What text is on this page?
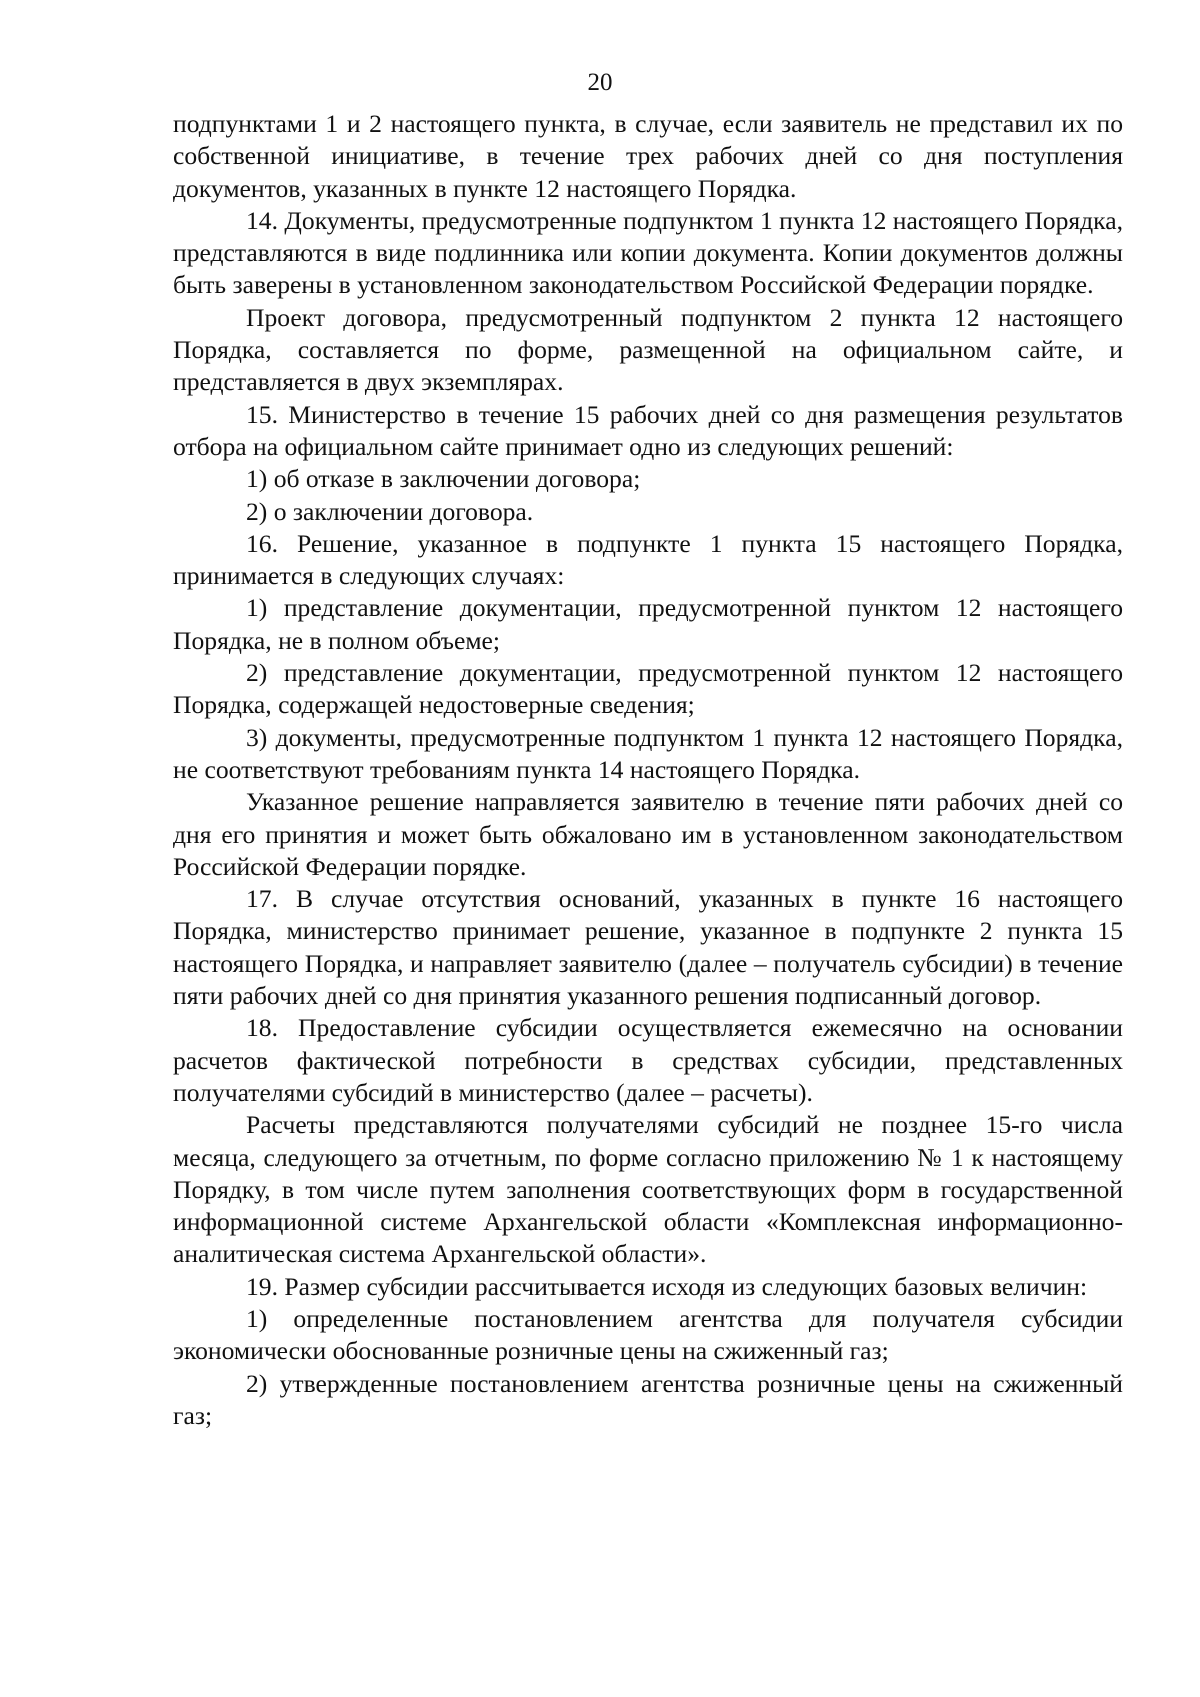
20

подпунктами 1 и 2 настоящего пункта, в случае, если заявитель не представил их по собственной инициативе, в течение трех рабочих дней со дня поступления документов, указанных в пункте 12 настоящего Порядка.

14. Документы, предусмотренные подпунктом 1 пункта 12 настоящего Порядка, представляются в виде подлинника или копии документа. Копии документов должны быть заверены в установленном законодательством Российской Федерации порядке.

Проект договора, предусмотренный подпунктом 2 пункта 12 настоящего Порядка, составляется по форме, размещенной на официальном сайте, и представляется в двух экземплярах.

15. Министерство в течение 15 рабочих дней со дня размещения результатов отбора на официальном сайте принимает одно из следующих решений:

1) об отказе в заключении договора;

2) о заключении договора.

16. Решение, указанное в подпункте 1 пункта 15 настоящего Порядка, принимается в следующих случаях:

1) представление документации, предусмотренной пунктом 12 настоящего Порядка, не в полном объеме;

2) представление документации, предусмотренной пунктом 12 настоящего Порядка, содержащей недостоверные сведения;

3) документы, предусмотренные подпунктом 1 пункта 12 настоящего Порядка, не соответствуют требованиям пункта 14 настоящего Порядка.

Указанное решение направляется заявителю в течение пяти рабочих дней со дня его принятия и может быть обжаловано им в установленном законодательством Российской Федерации порядке.

17. В случае отсутствия оснований, указанных в пункте 16 настоящего Порядка, министерство принимает решение, указанное в подпункте 2 пункта 15 настоящего Порядка, и направляет заявителю (далее – получатель субсидии) в течение пяти рабочих дней со дня принятия указанного решения подписанный договор.

18. Предоставление субсидии осуществляется ежемесячно на основании расчетов фактической потребности в средствах субсидии, представленных получателями субсидий в министерство (далее – расчеты).

Расчеты представляются получателями субсидий не позднее 15-го числа месяца, следующего за отчетным, по форме согласно приложению № 1 к настоящему Порядку, в том числе путем заполнения соответствующих форм в государственной информационной системе Архангельской области «Комплексная информационно-аналитическая система Архангельской области».

19. Размер субсидии рассчитывается исходя из следующих базовых величин:

1) определенные постановлением агентства для получателя субсидии экономически обоснованные розничные цены на сжиженный газ;

2) утвержденные постановлением агентства розничные цены на сжиженный газ;
